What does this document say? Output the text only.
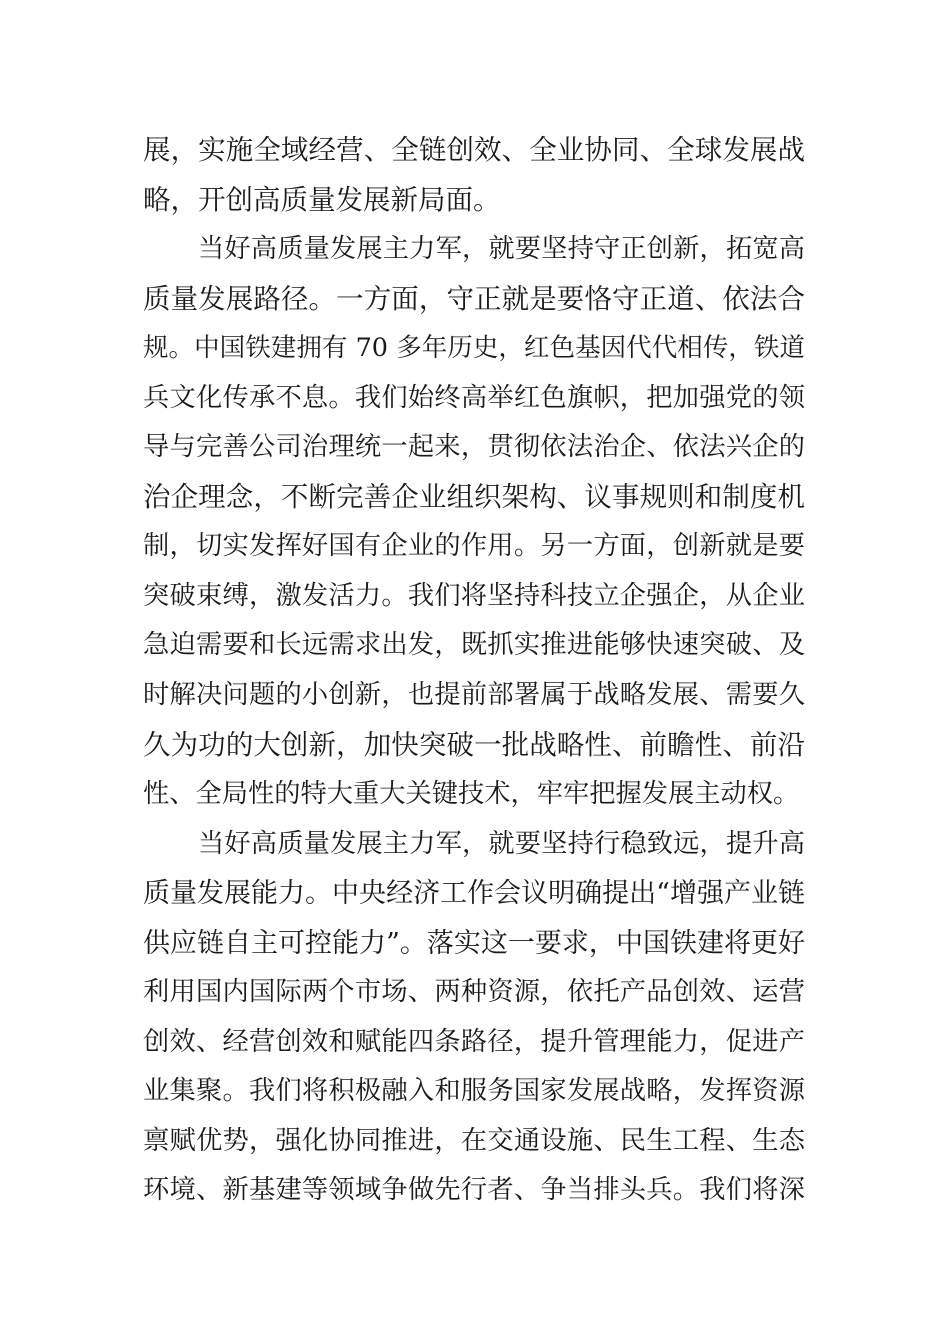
展，实施全域经营、全链创效、全业协同、全球发展战
略，开创高质量发展新局面。
当好高质量发展主力军，就要坚持守正创新，拓宽高
质量发展路径。一方面，守正就是要恪守正道、依法合
规。中国铁建拥有 70 多年历史，红色基因代代相传，铁道
兵文化传承不息。我们始终高举红色旗帜，把加强党的领
导与完善公司治理统一起来，贯彻依法治企、依法兴企的
治企理念，不断完善企业组织架构、议事规则和制度机
制，切实发挥好国有企业的作用。另一方面，创新就是要
突破束缚，激发活力。我们将坚持科技立企强企，从企业
急迫需要和长远需求出发，既抓实推进能够快速突破、及
时解决问题的小创新，也提前部署属于战略发展、需要久
久为功的大创新，加快突破一批战略性、前瞻性、前沿
性、全局性的特大重大关键技术，牢牢把握发展主动权。
当好高质量发展主力军，就要坚持行稳致远，提升高
质量发展能力。中央经济工作会议明确提出“增强产业链
供应链自主可控能力”。落实这一要求，中国铁建将更好
利用国内国际两个市场、两种资源，依托产品创效、运营
创效、经营创效和赋能四条路径，提升管理能力，促进产
业集聚。我们将积极融入和服务国家发展战略，发挥资源
禀赋优势，强化协同推进，在交通设施、民生工程、生态
环境、新基建等领域争做先行者、争当排头兵。我们将深
